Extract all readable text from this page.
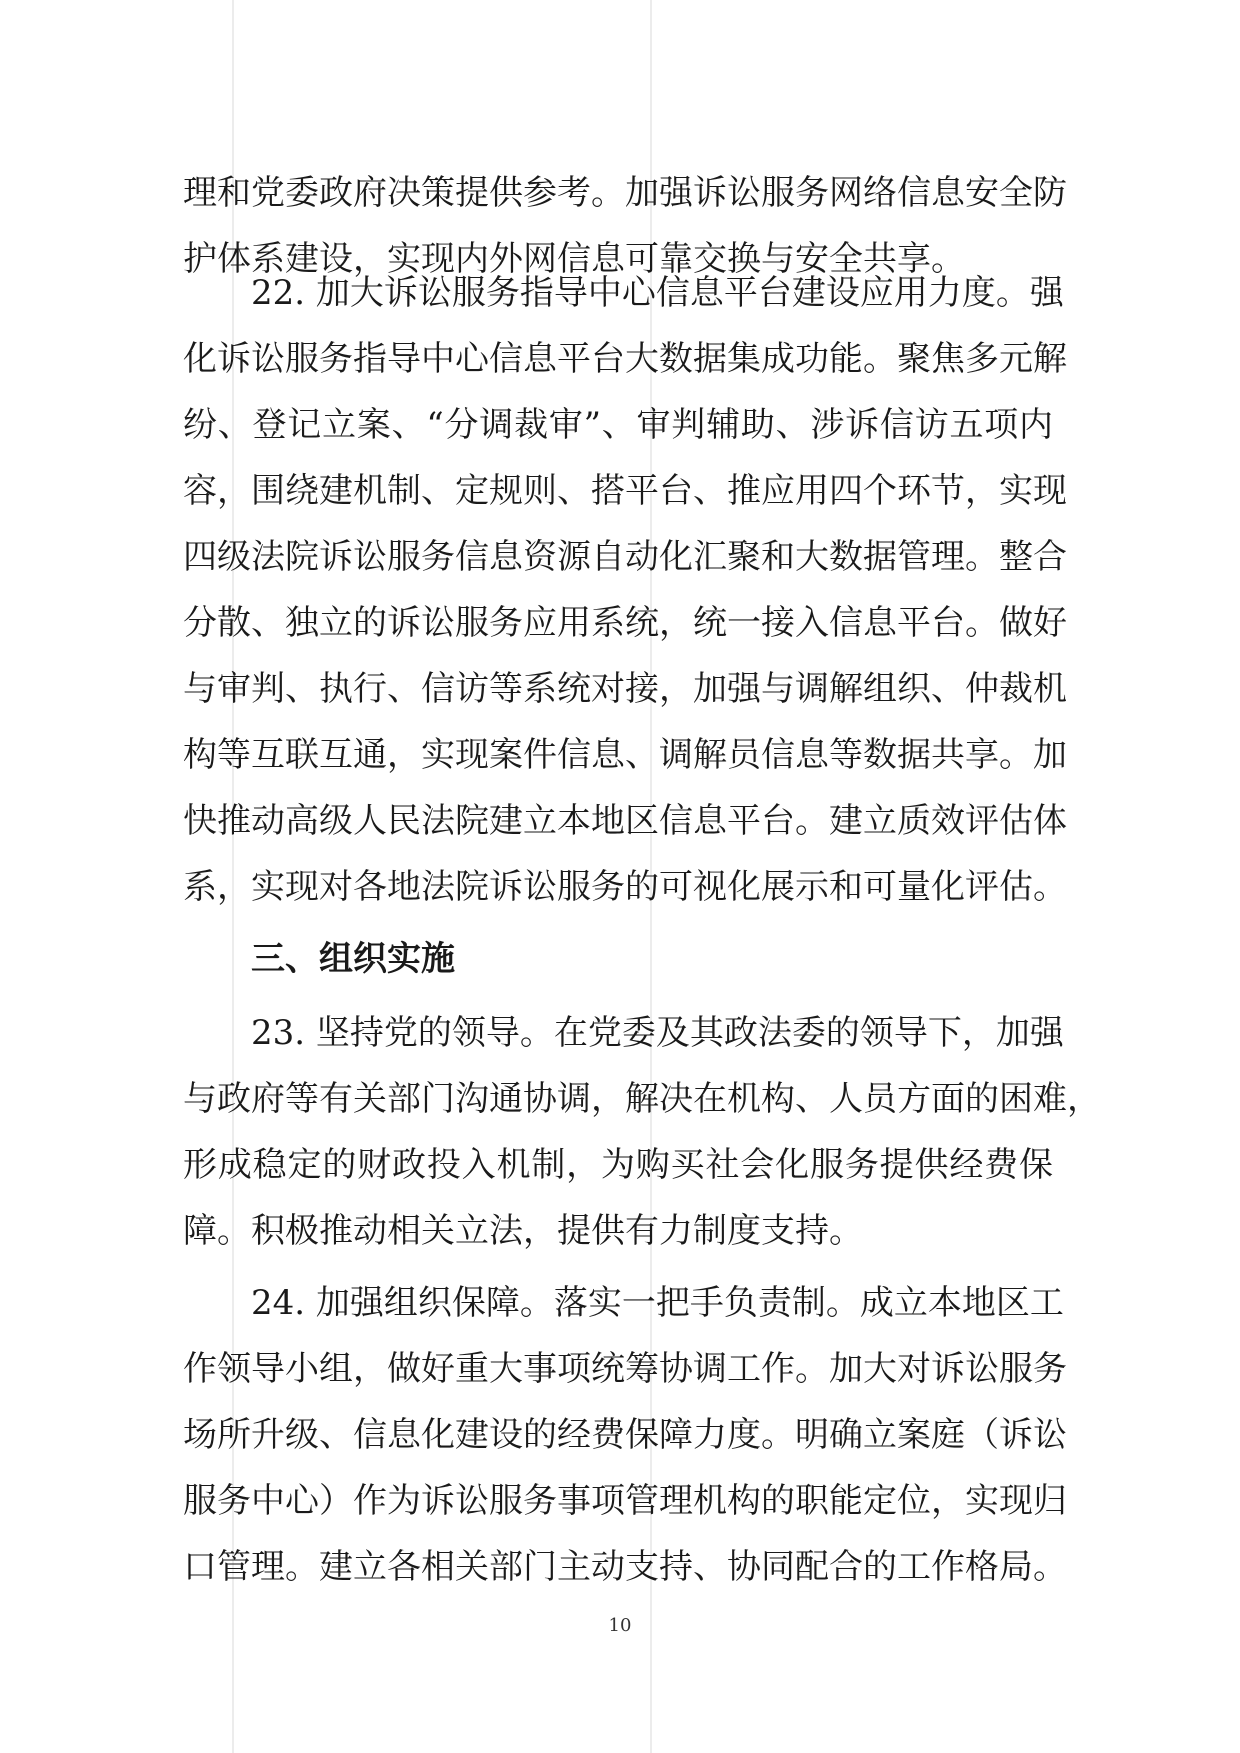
理和党委政府决策提供参考。加强诉讼服务网络信息安全防
护体系建设，实现内外网信息可靠交换与安全共享。
22. 加大诉讼服务指导中心信息平台建设应用力度。强
化诉讼服务指导中心信息平台大数据集成功能。聚焦多元解
纷、登记立案、“分调裁审”、审判辅助、涉诉信访五项内
容，围绕建机制、定规则、搭平台、推应用四个环节，实现
四级法院诉讼服务信息资源自动化汇聚和大数据管理。整合
分散、独立的诉讼服务应用系统，统一接入信息平台。做好
与审判、执行、信访等系统对接，加强与调解组织、仲裁机
构等互联互通，实现案件信息、调解员信息等数据共享。加
快推动高级人民法院建立本地区信息平台。建立质效评估体
系，实现对各地法院诉讼服务的可视化展示和可量化评估。
三、组织实施
23. 坚持党的领导。在党委及其政法委的领导下，加强
与政府等有关部门沟通协调，解决在机构、人员方面的困难，
形成稳定的财政投入机制，为购买社会化服务提供经费保
障。积极推动相关立法，提供有力制度支持。
24. 加强组织保障。落实一把手负责制。成立本地区工
作领导小组，做好重大事项统筹协调工作。加大对诉讼服务
场所升级、信息化建设的经费保障力度。明确立案庭（诉讼
服务中心）作为诉讼服务事项管理机构的职能定位，实现归
口管理。建立各相关部门主动支持、协同配合的工作格局。
10
